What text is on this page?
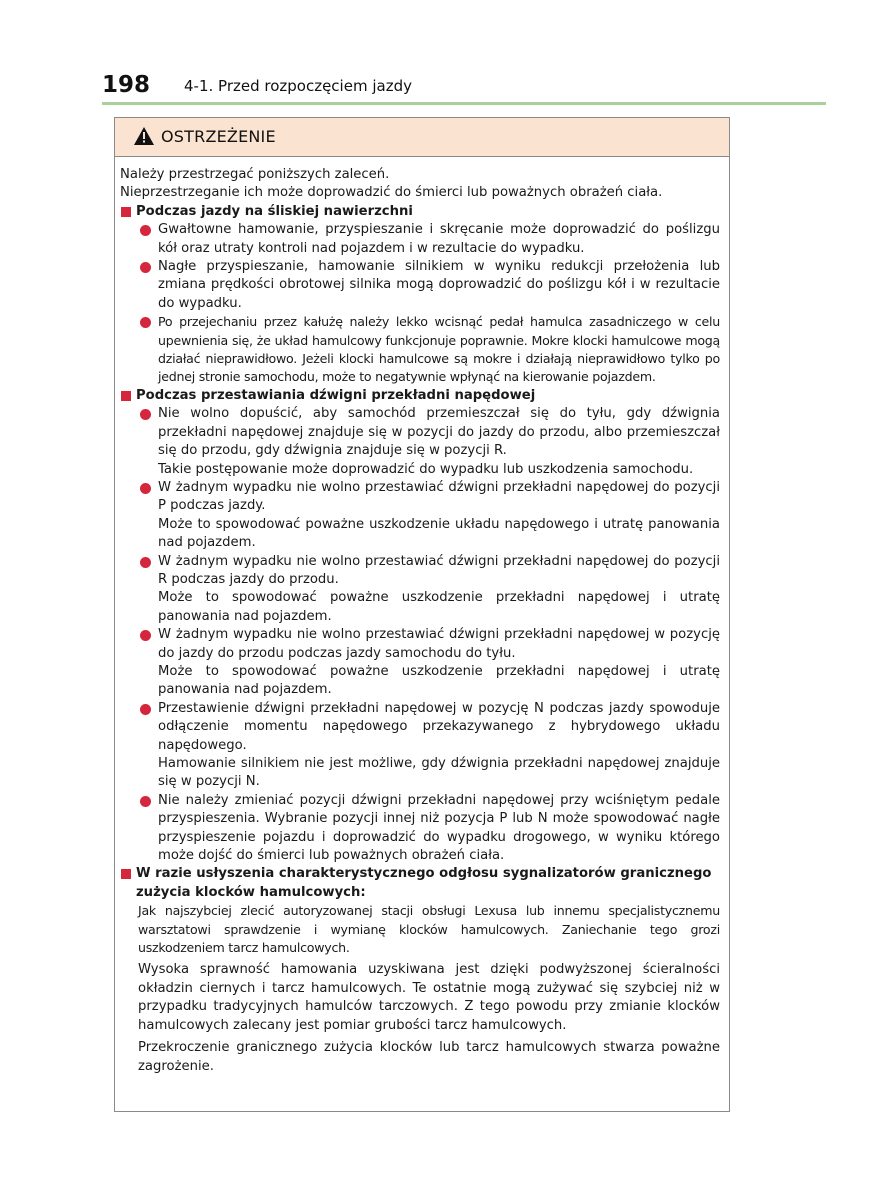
198 4-1. Przed rozpoczęciem jazdy
OSTRZEŻENIE

Należy przestrzegać poniższych zaleceń.

Nieprzestrzeganie ich może doprowadzić do śmierci lub poważnych obrażeń ciała.

Podczas jazdy na śliskiej nawierzchni

Gwałtowne hamowanie, przyspieszanie i skręcanie może doprowadzić do poślizgu kół oraz utraty kontroli nad pojazdem i w rezultacie do wypadku.
Nagłe przyspieszanie, hamowanie silnikiem w wyniku redukcji przełożenia lub zmiana prędkości obrotowej silnika mogą doprowadzić do poślizgu kół i w rezultacie do wypadku.
Po przejechaniu przez kałużę należy lekko wcisnąć pedał hamulca zasadniczego w celu upewnienia się, że układ hamulcowy funkcjonuje poprawnie. Mokre klocki hamulcowe mogą działać nieprawidłowo. Jeżeli klocki hamulcowe są mokre i działają nieprawidłowo tylko po jednej stronie samochodu, może to negatywnie wpłynąć na kierowanie pojazdem.

Podczas przestawiania dźwigni przekładni napędowej

Nie wolno dopuścić, aby samochód przemieszczał się do tyłu, gdy dźwignia przekładni napędowej znajduje się w pozycji do jazdy do przodu, albo przemieszczał się do przodu, gdy dźwignia znajduje się w pozycji R.
Takie postępowanie może doprowadzić do wypadku lub uszkodzenia samochodu.
W żadnym wypadku nie wolno przestawiać dźwigni przekładni napędowej do pozycji P podczas jazdy.
Może to spowodować poważne uszkodzenie układu napędowego i utratę panowania nad pojazdem.
W żadnym wypadku nie wolno przestawiać dźwigni przekładni napędowej do pozycji R podczas jazdy do przodu.
Może to spowodować poważne uszkodzenie przekładni napędowej i utratę panowania nad pojazdem.
W żadnym wypadku nie wolno przestawiać dźwigni przekładni napędowej w pozycję do jazdy do przodu podczas jazdy samochodu do tyłu.
Może to spowodować poważne uszkodzenie przekładni napędowej i utratę panowania nad pojazdem.
Przestawienie dźwigni przekładni napędowej w pozycję N podczas jazdy spowoduje odłączenie momentu napędowego przekazywanego z hybrydowego układu napędowego.
Hamowanie silnikiem nie jest możliwe, gdy dźwignia przekładni napędowej znajduje się w pozycji N.
Nie należy zmieniać pozycji dźwigni przekładni napędowej przy wciśniętym pedale przyspieszenia. Wybranie pozycji innej niż pozycja P lub N może spowodować nagłe przyspieszenie pojazdu i doprowadzić do wypadku drogowego, w wyniku którego może dojść do śmierci lub poważnych obrażeń ciała.

W razie usłyszenia charakterystycznego odgłosu sygnalizatorów granicznego zużycia klocków hamulcowych:

Jak najszybciej zlecić autoryzowanej stacji obsługi Lexusa lub innemu specjalistycznemu warsztatowi sprawdzenie i wymianę klocków hamulcowych. Zaniechanie tego grozi uszkodzeniem tarcz hamulcowych.

Wysoka sprawność hamowania uzyskiwana jest dzięki podwyższonej ścieralności okładzin ciernych i tarcz hamulcowych. Te ostatnie mogą zużywać się szybciej niż w przypadku tradycyjnych hamulców tarczowych. Z tego powodu przy zmianie klocków hamulcowych zalecany jest pomiar grubości tarcz hamulcowych.

Przekroczenie granicznego zużycia klocków lub tarcz hamulcowych stwarza poważne zagrożenie.
